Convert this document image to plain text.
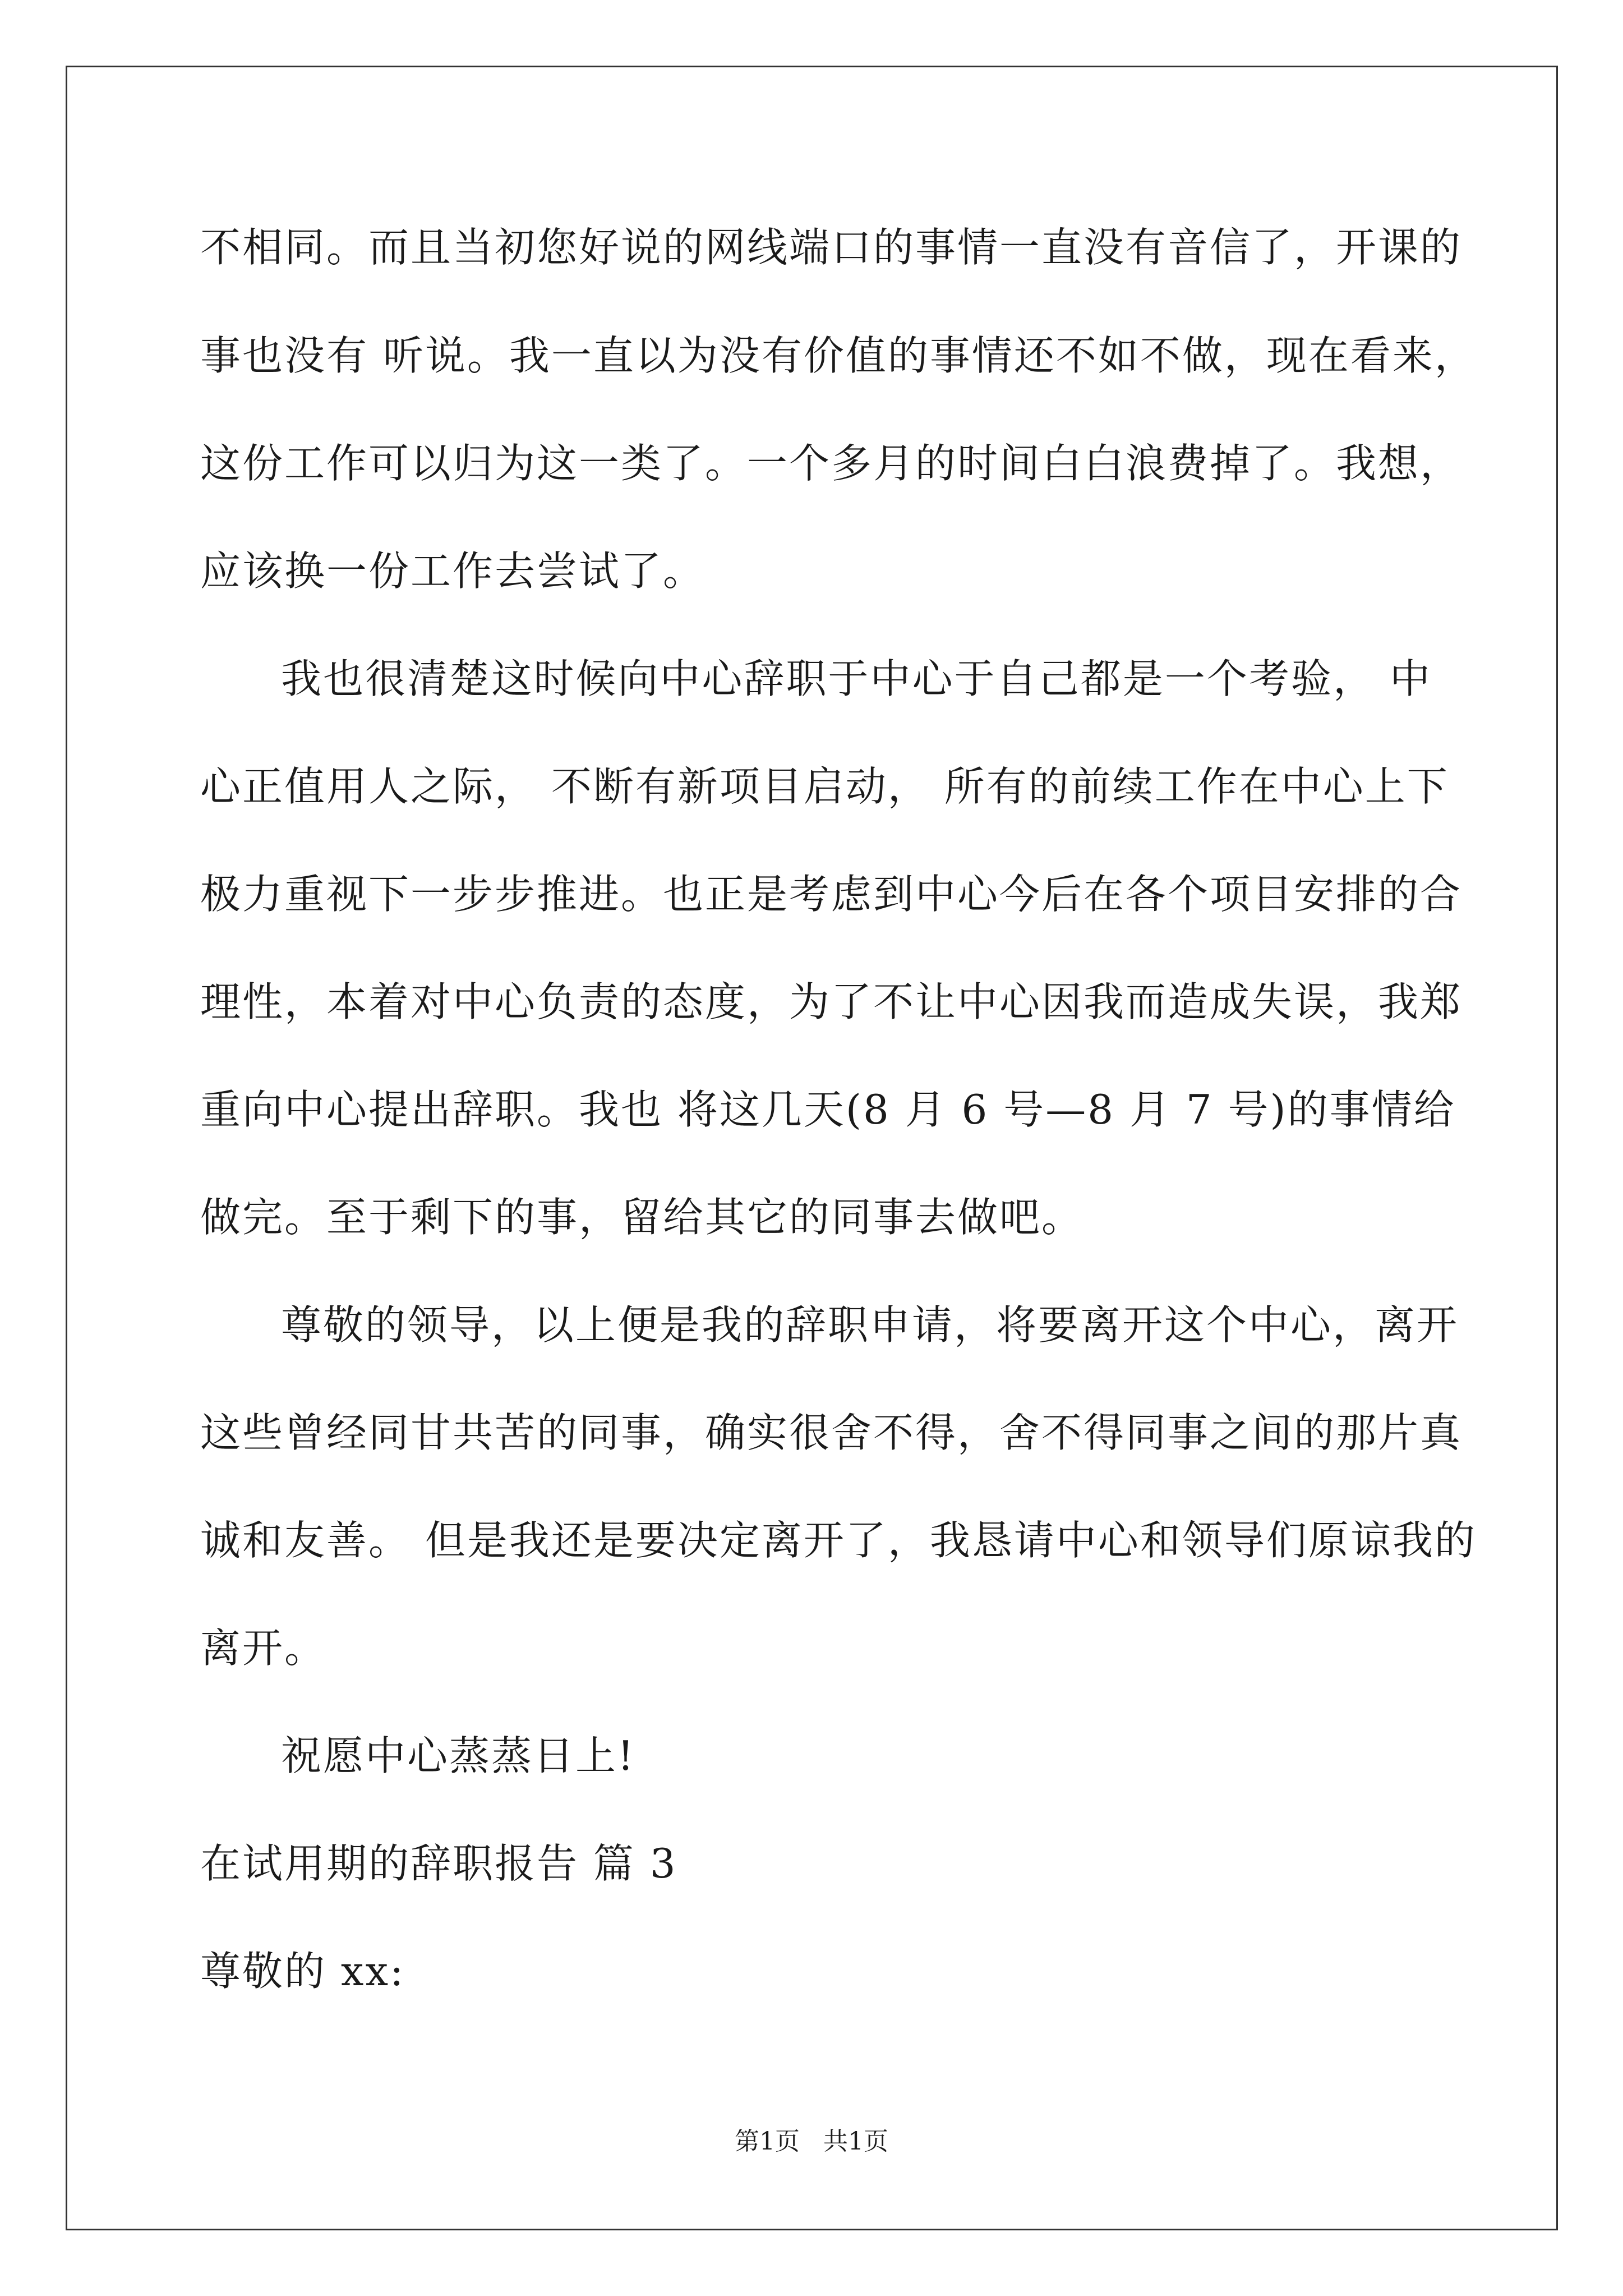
不相同。而且当初您好说的网线端口的事情一直没有音信了，开课的

事也没有 听说。我一直以为没有价值的事情还不如不做，现在看来，

这份工作可以归为这一类了。一个多月的时间白白浪费掉了。我想，

应该换一份工作去尝试了。

我也很清楚这时候向中心辞职于中心于自己都是一个考验， 中

心正值用人之际， 不断有新项目启动， 所有的前续工作在中心上下

极力重视下一步步推进。也正是考虑到中心今后在各个项目安排的合

理性，本着对中心负责的态度，为了不让中心因我而造成失误，我郑

重向中心提出辞职。我也 将这几天(8 月 6 号—8 月 7 号)的事情给

做完。至于剩下的事，留给其它的同事去做吧。

尊敬的领导，以上便是我的辞职申请，将要离开这个中心，离开

这些曾经同甘共苦的同事，确实很舍不得，舍不得同事之间的那片真

诚和友善。 但是我还是要决定离开了，我恳请中心和领导们原谅我的

离开。

祝愿中心蒸蒸日上!

在试用期的辞职报告 篇 3

尊敬的 xx:

第1页   共1页
